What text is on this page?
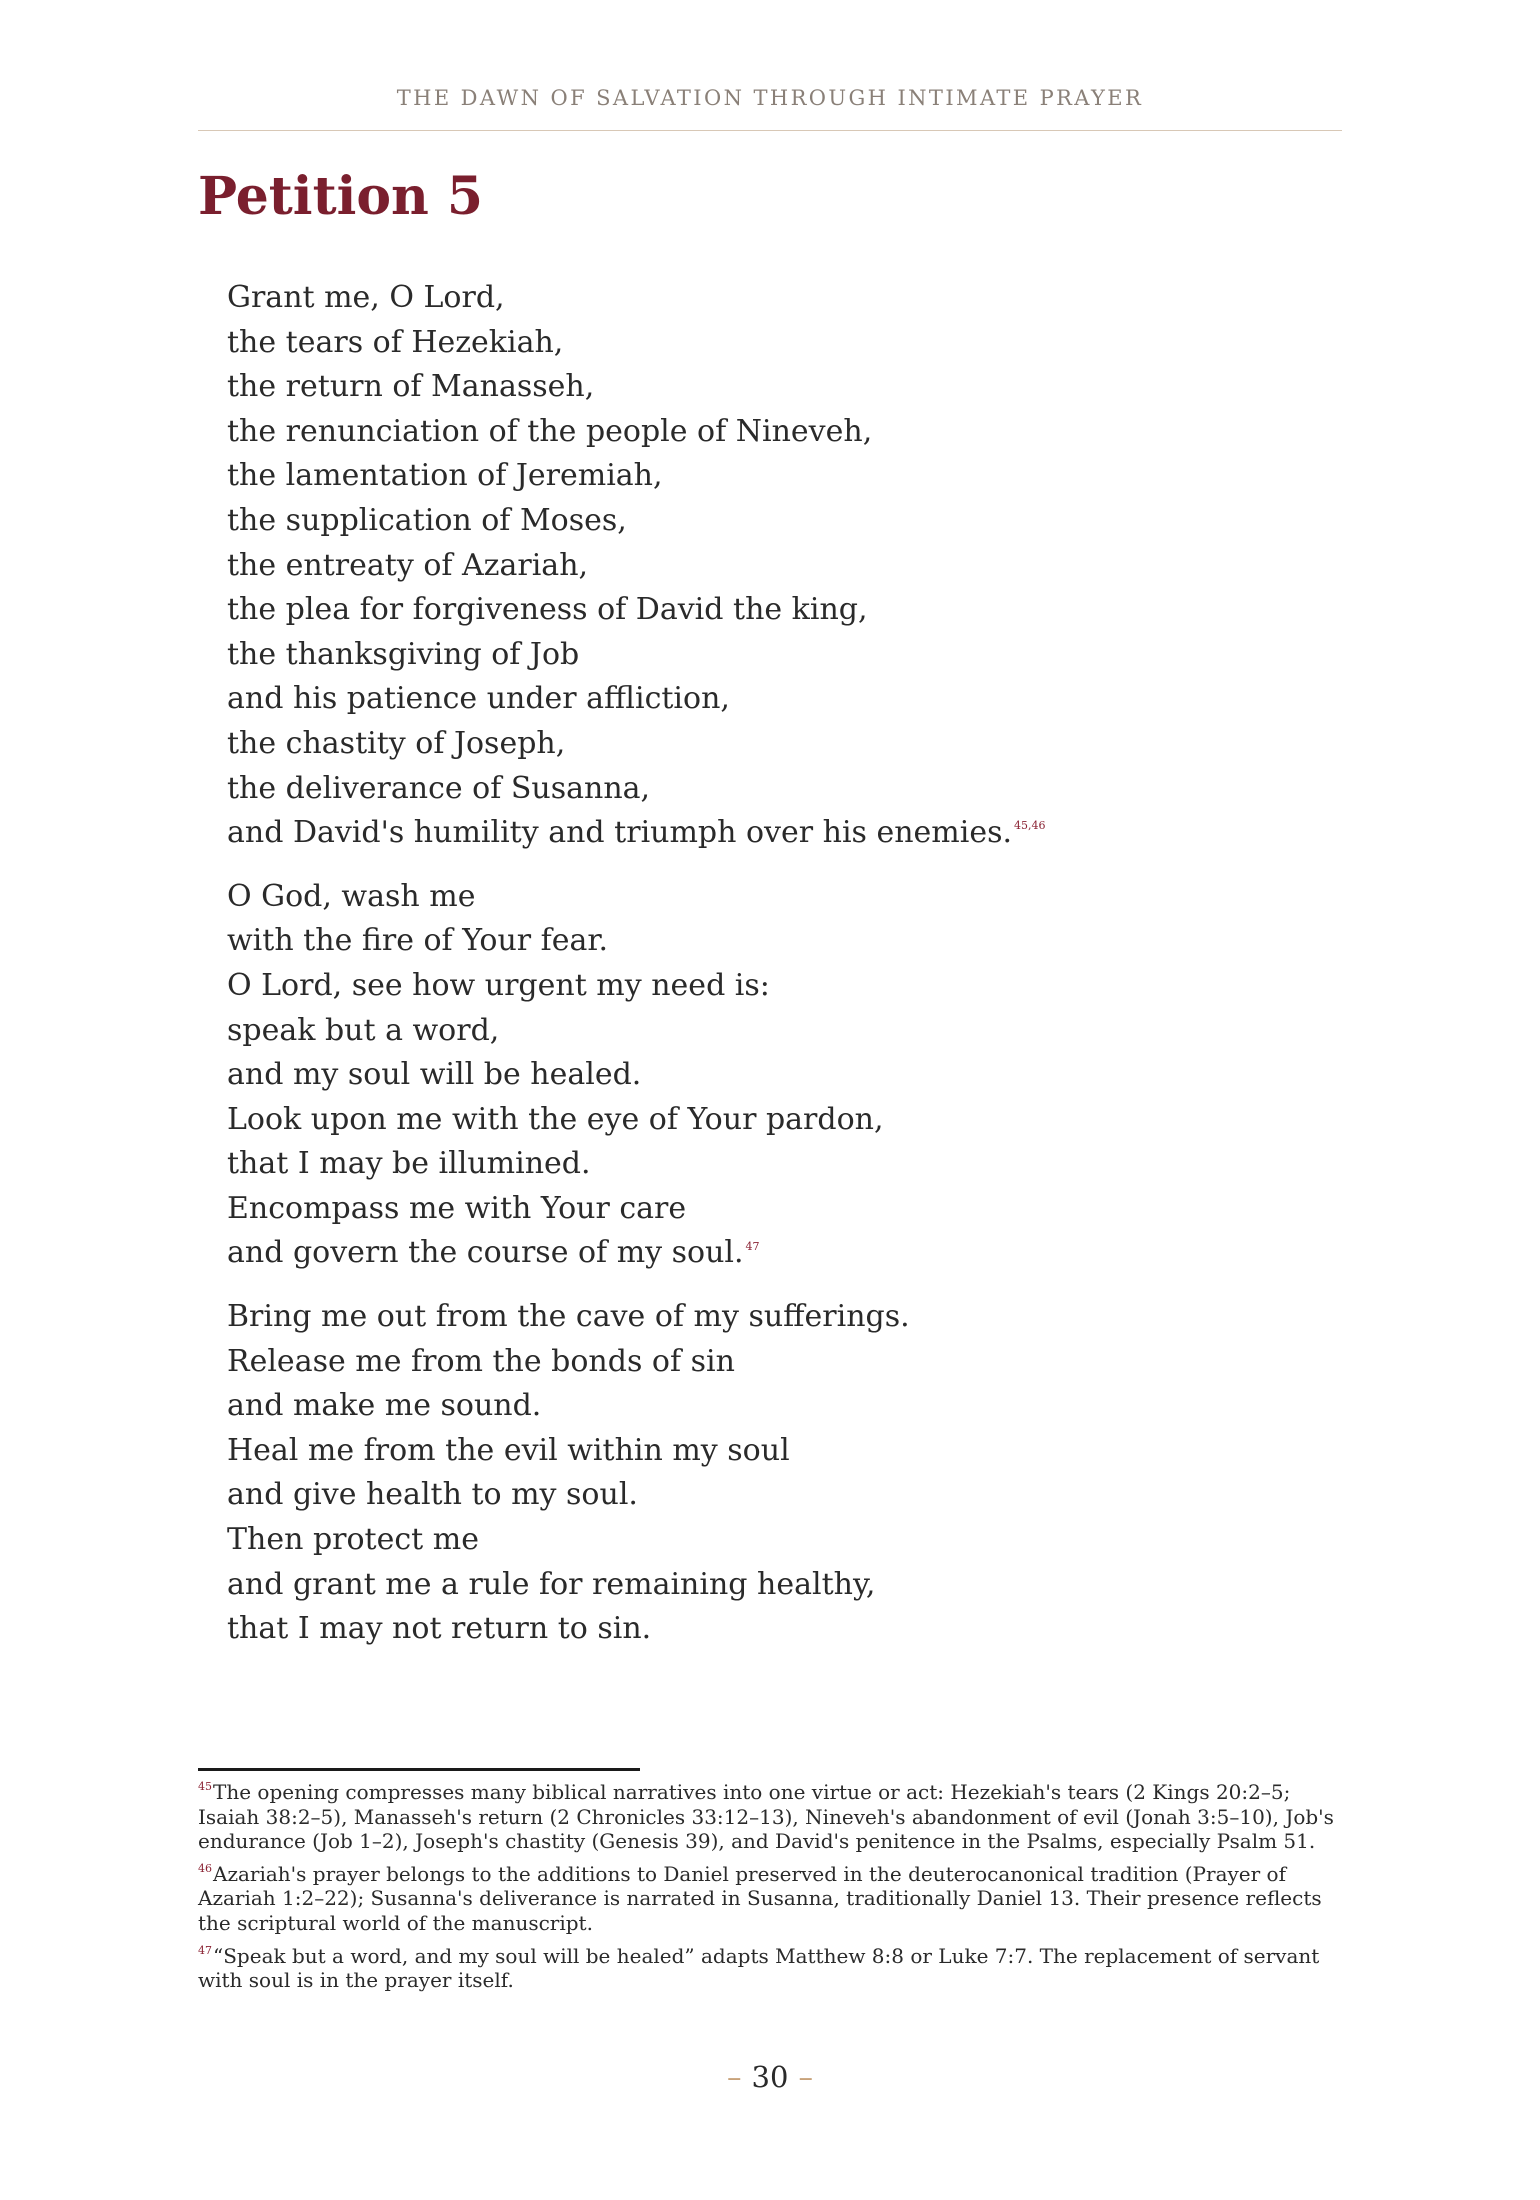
THE DAWN OF SALVATION THROUGH INTIMATE PRAYER
Petition 5
Grant me, O Lord,
the tears of Hezekiah,
the return of Manasseh,
the renunciation of the people of Nineveh,
the lamentation of Jeremiah,
the supplication of Moses,
the entreaty of Azariah,
the plea for forgiveness of David the king,
the thanksgiving of Job
and his patience under affliction,
the chastity of Joseph,
the deliverance of Susanna,
and David's humility and triumph over his enemies. $^{45,46}$
O God, wash me
with the fire of Your fear.
O Lord, see how urgent my need is:
speak but a word,
and my soul will be healed.
Look upon me with the eye of Your pardon,
that I may be illumined.
Encompass me with Your care
and govern the course of my soul. $^{47}$
Bring me out from the cave of my sufferings.
Release me from the bonds of sin
and make me sound.
Heal me from the evil within my soul
and give health to my soul.
Then protect me
and grant me a rule for remaining healthy,
that I may not return to sin.

$^{45}$The opening compresses many biblical narratives into one virtue or act: Hezekiah's tears (2 Kings 20:2–5; Isaiah 38:2–5), Manasseh's return (2 Chronicles 33:12–13), Nineveh's abandonment of evil (Jonah 3:5–10), Job's endurance (Job 1–2), Joseph's chastity (Genesis 39), and David's penitence in the Psalms, especially Psalm 51.

$^{46}$Azariah's prayer belongs to the additions to Daniel preserved in the deuterocanonical tradition (Prayer of Azariah 1:2–22); Susanna's deliverance is narrated in Susanna, traditionally Daniel 13. Their presence reflects the scriptural world of the manuscript.

$^{47}$“Speak but a word, and my soul will be healed” adapts Matthew 8:8 or Luke 7:7. The replacement of servant with soul is in the prayer itself.

– 30 –
